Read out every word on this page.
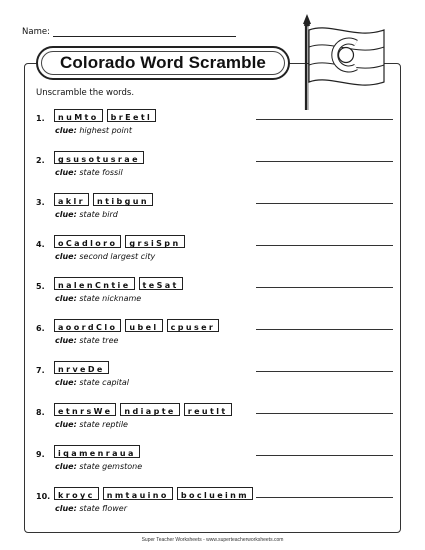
Name:
Colorado Word Scramble
Unscramble the words.
1.	nuMto	brEetl
clue: highest point
2.	gsusotusrae
clue: state fossil
3.	aklr	ntibgun
clue: state bird
4.	oCadloro	grsiSpn
clue: second largest city
5.	nalenCntie	teSat
clue: state nickname
6.	aoordClo	ubel	cpuser
clue: state tree
7.	nrveDe
clue: state capital
8.	etnrsWe	ndiapte	reutlt
clue: state reptile
9.	iqamenraua
clue: state gemstone
10. kroyc	nmtauino	boclueinm
clue: state flower
Super Teacher Worksheets - www.superteacherworksheets.com
